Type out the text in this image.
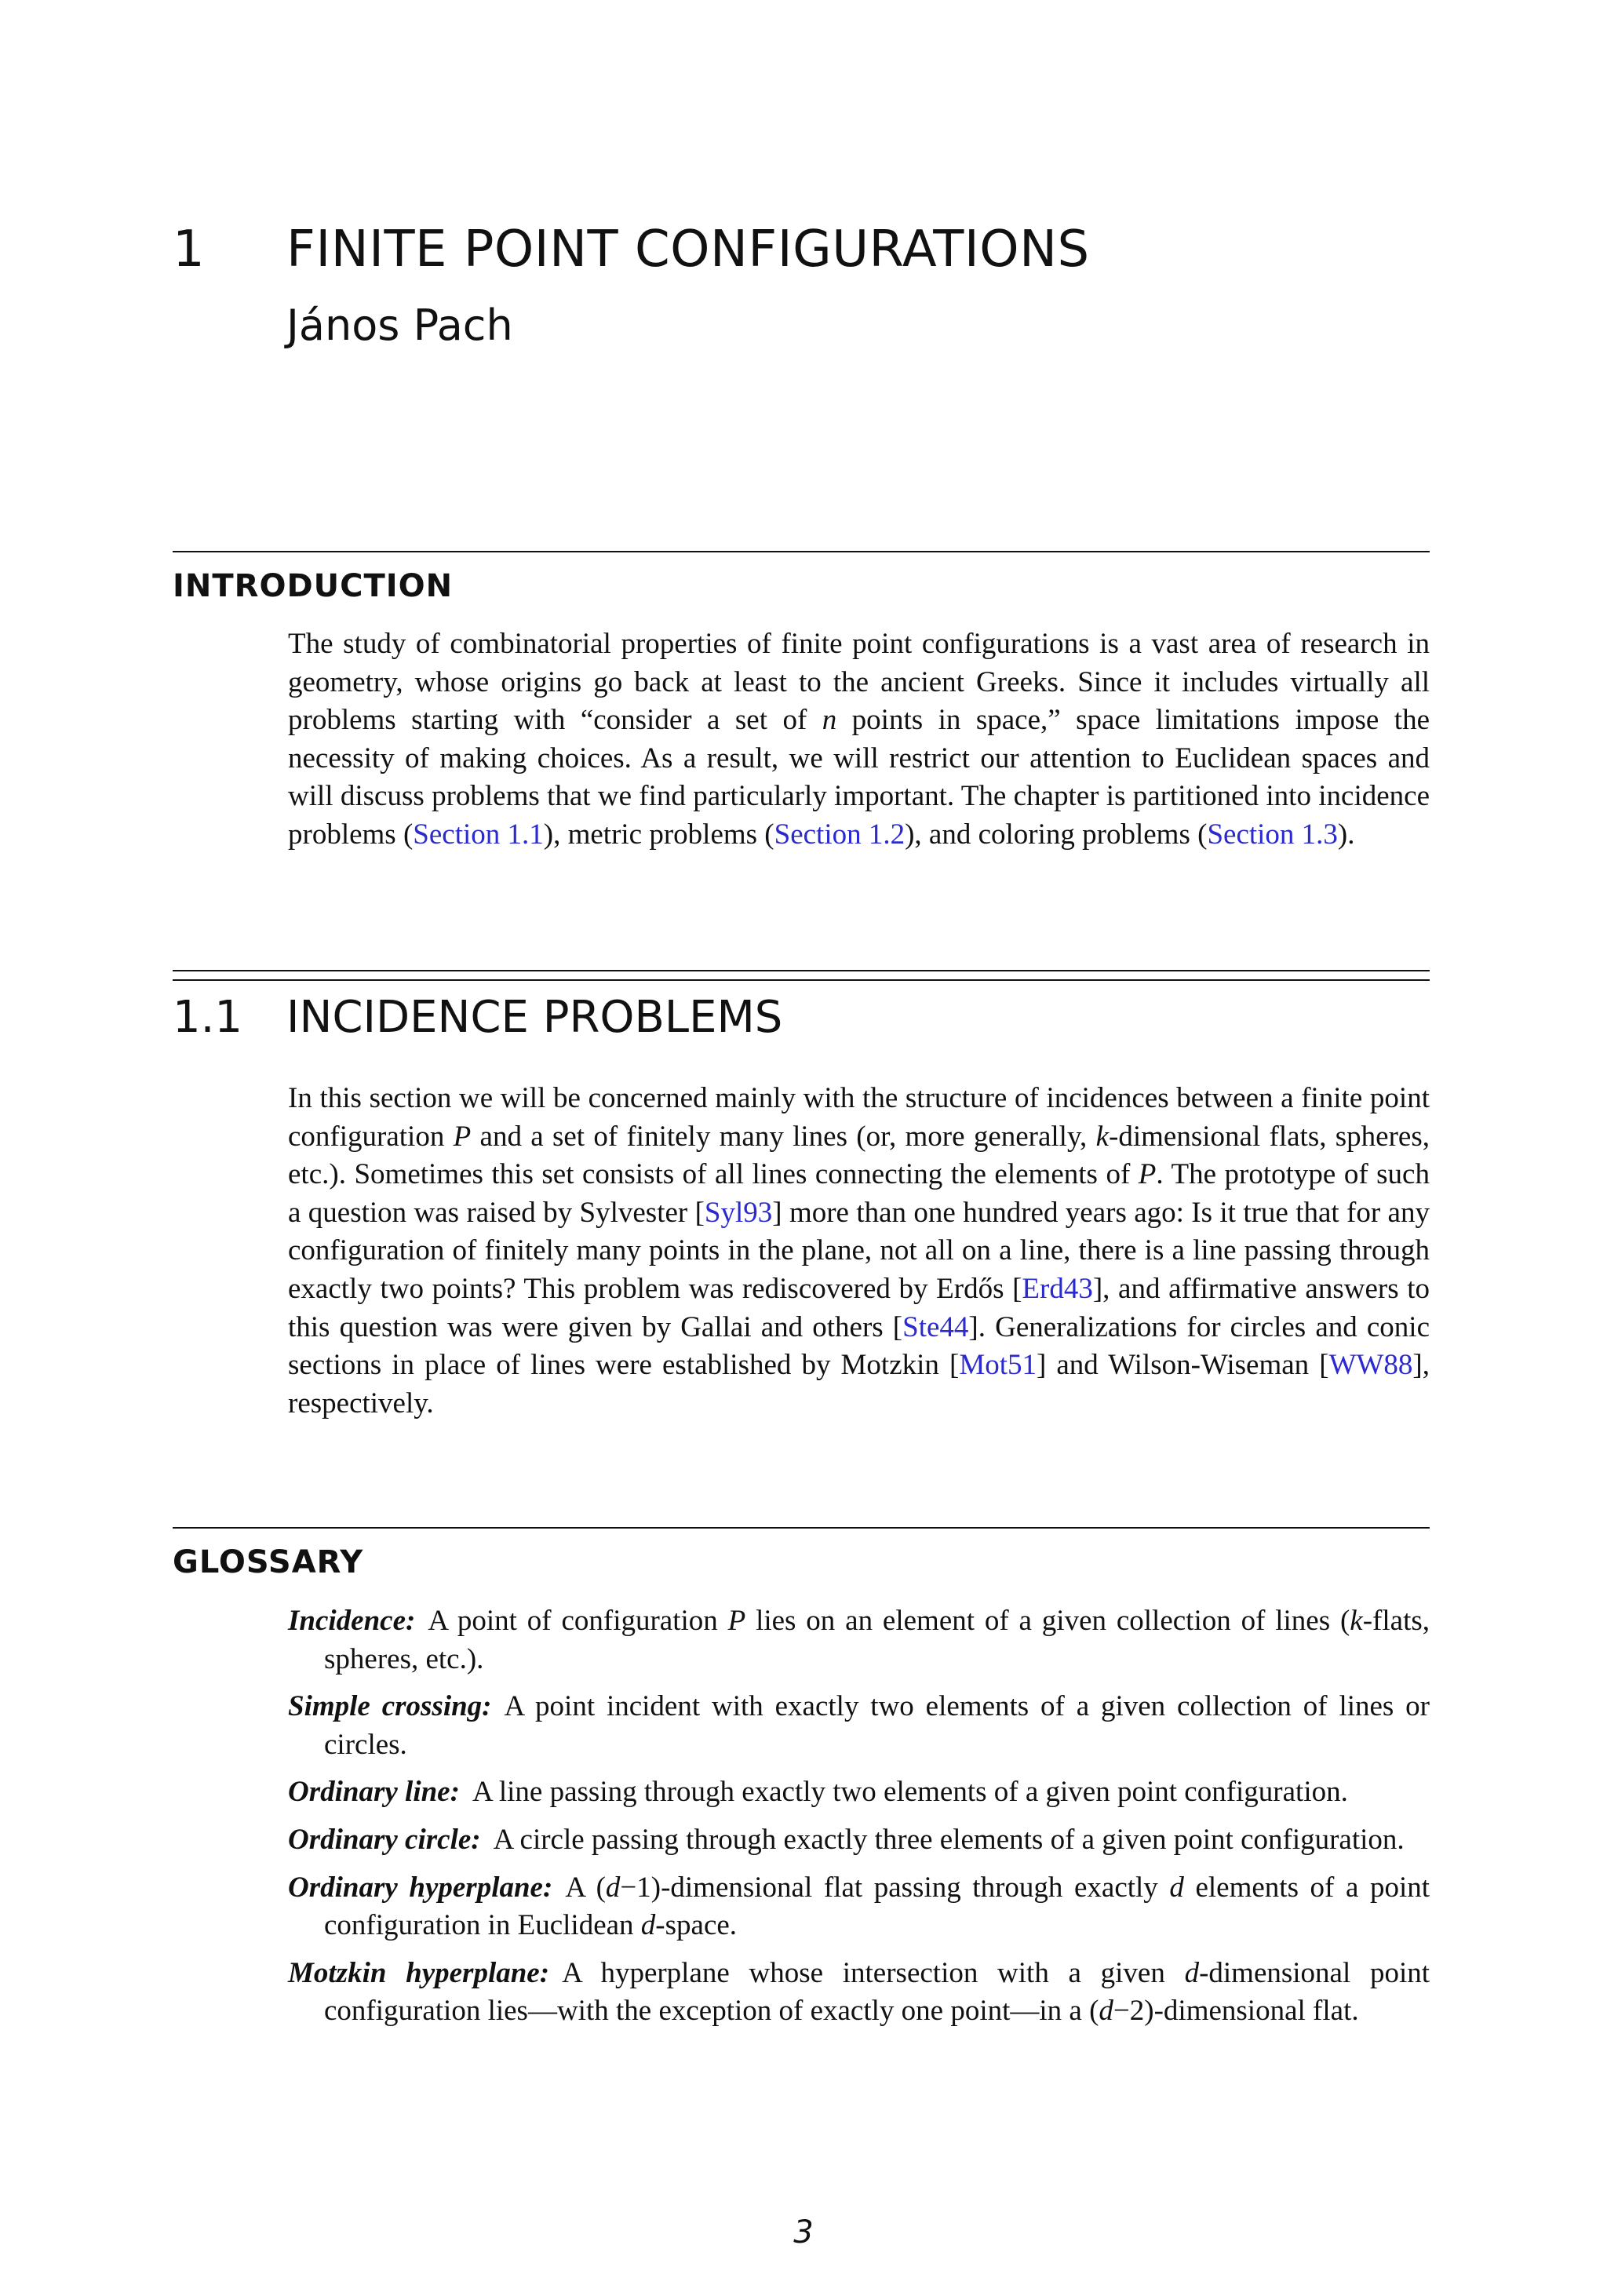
1 FINITE POINT CONFIGURATIONS
János Pach
INTRODUCTION
The study of combinatorial properties of finite point configurations is a vast area of research in geometry, whose origins go back at least to the ancient Greeks. Since it includes virtually all problems starting with “consider a set of n points in space,” space limitations impose the necessity of making choices. As a result, we will restrict our attention to Euclidean spaces and will discuss problems that we find particularly important. The chapter is partitioned into incidence problems (Section 1.1), metric problems (Section 1.2), and coloring problems (Section 1.3).
1.1 INCIDENCE PROBLEMS
In this section we will be concerned mainly with the structure of incidences between a finite point configuration P and a set of finitely many lines (or, more generally, k-dimensional flats, spheres, etc.). Sometimes this set consists of all lines connecting the elements of P. The prototype of such a question was raised by Sylvester [Syl93] more than one hundred years ago: Is it true that for any configuration of finitely many points in the plane, not all on a line, there is a line passing through exactly two points? This problem was rediscovered by Erdős [Erd43], and affirmative answers to this question was were given by Gallai and others [Ste44]. Generalizations for circles and conic sections in place of lines were established by Motzkin [Mot51] and Wilson-Wiseman [WW88], respectively.
GLOSSARY
Incidence: A point of configuration P lies on an element of a given collection of lines (k-flats, spheres, etc.).
Simple crossing: A point incident with exactly two elements of a given collection of lines or circles.
Ordinary line: A line passing through exactly two elements of a given point configuration.
Ordinary circle: A circle passing through exactly three elements of a given point configuration.
Ordinary hyperplane: A (d−1)-dimensional flat passing through exactly d elements of a point configuration in Euclidean d-space.
Motzkin hyperplane: A hyperplane whose intersection with a given d-dimensional point configuration lies—with the exception of exactly one point—in a (d−2)-dimensional flat.
3
